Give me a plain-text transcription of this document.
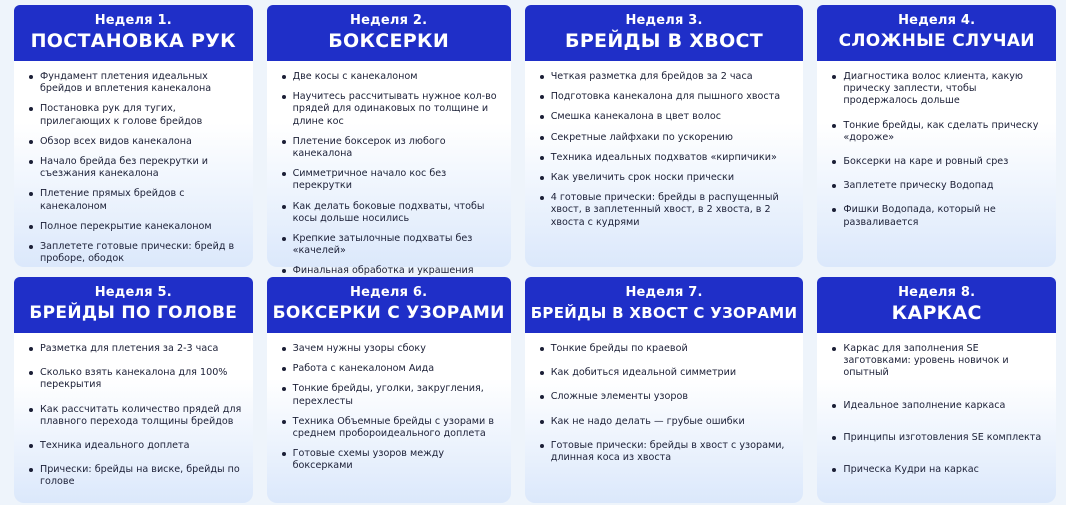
Неделя 1.
ПОСТАНОВКА РУК
Фундамент плетения идеальных брейдов и вплетения канекалона
Постановка рук для тугих, прилегающих к голове брейдов
Обзор всех видов канекалона
Начало брейда без перекрутки и съезжания канекалона
Плетение прямых брейдов с канекалоном
Полное перекрытие канекалоном
Заплетете готовые прически: брейд в проборе, ободок
Неделя 2.
БОКСЕРКИ
Две косы с канекалоном
Научитесь рассчитывать нужное кол-во прядей для одинаковых по толщине и длине кос
Плетение боксерок из любого канекалона
Симметричное начало кос без перекрутки
Как делать боковые подхваты, чтобы косы дольше носились
Крепкие затылочные подхваты без «качелей»
Финальная обработка и украшения
Неделя 3.
БРЕЙДЫ В ХВОСТ
Четкая разметка для брейдов за 2 часа
Подготовка канекалона для пышного хвоста
Смешка канекалона в цвет волос
Секретные лайфхаки по ускорению
Техника идеальных подхватов «кирпичики»
Как увеличить срок носки прически
4 готовые прически: брейды в распущенный хвост, в заплетенный хвост, в 2 хвоста, в 2 хвоста с кудрями
Неделя 4.
СЛОЖНЫЕ СЛУЧАИ
Диагностика волос клиента, какую прическу заплести, чтобы продержалось дольше
Тонкие брейды, как сделать прическу «дороже»
Боксерки на каре и ровный срез
Заплетете прическу Водопад
Фишки Водопада, который не разваливается
Неделя 5.
БРЕЙДЫ ПО ГОЛОВЕ
Разметка для плетения за 2-3 часа
Сколько взять канекалона для 100% перекрытия
Как рассчитать количество прядей для плавного перехода толщины брейдов
Техника идеального доплета
Прически: брейды на виске, брейды по голове
Неделя 6.
БОКСЕРКИ С УЗОРАМИ
Зачем нужны узоры сбоку
Работа с канекалоном Аида
Тонкие брейды, уголки, закругления, перехлесты
Техника Объемные брейды с узорами в среднем пробороидеального доплета
Готовые схемы узоров между боксерками
Неделя 7.
БРЕЙДЫ В ХВОСТ С УЗОРАМИ
Тонкие брейды по краевой
Как добиться идеальной симметрии
Сложные элементы узоров
Как не надо делать — грубые ошибки
Готовые прически: брейды в хвост с узорами, длинная коса из хвоста
Неделя 8.
КАРКАС
Каркас для заполнения SE заготовками: уровень новичок и опытный
Идеальное заполнение каркаса
Принципы изготовления SE комплекта
Прическа Кудри на каркас
